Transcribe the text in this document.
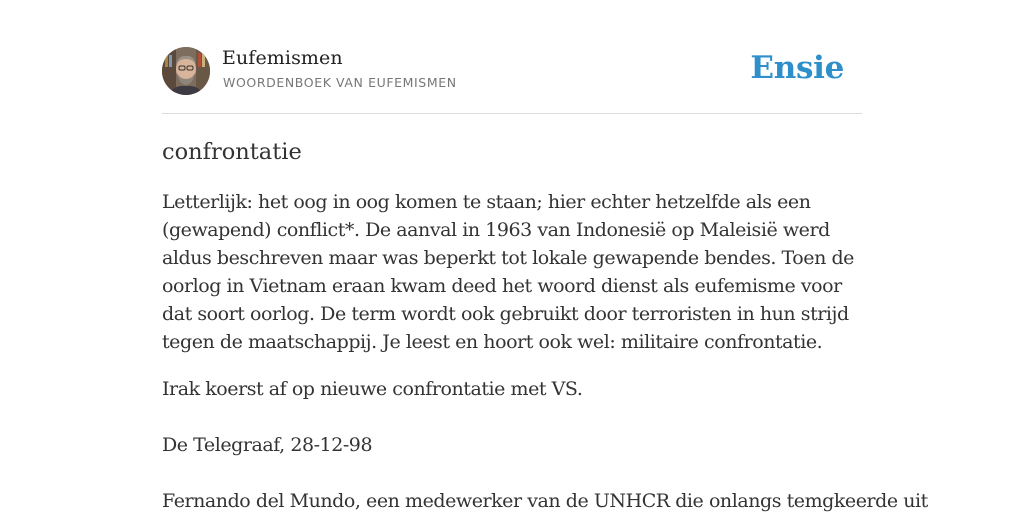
Eufemismen
WOORDENBOEK VAN EUFEMISMEN	Ensie
confrontatie

Letterlijk: het oog in oog komen te staan; hier echter hetzelfde als een (gewapend) conflict*. De aanval in 1963 van Indonesië op Maleisië werd aldus beschreven maar was beperkt tot lokale gewapende bendes. Toen de oorlog in Vietnam eraan kwam deed het woord dienst als eufemisme voor dat soort oorlog. De term wordt ook gebruikt door terroristen in hun strijd tegen de maatschappij. Je leest en hoort ook wel: militaire confrontatie.

Irak koerst af op nieuwe confrontatie met VS.

De Telegraaf, 28-12-98

Fernando del Mundo, een medewerker van de UNHCR die onlangs temgkeerde uit
